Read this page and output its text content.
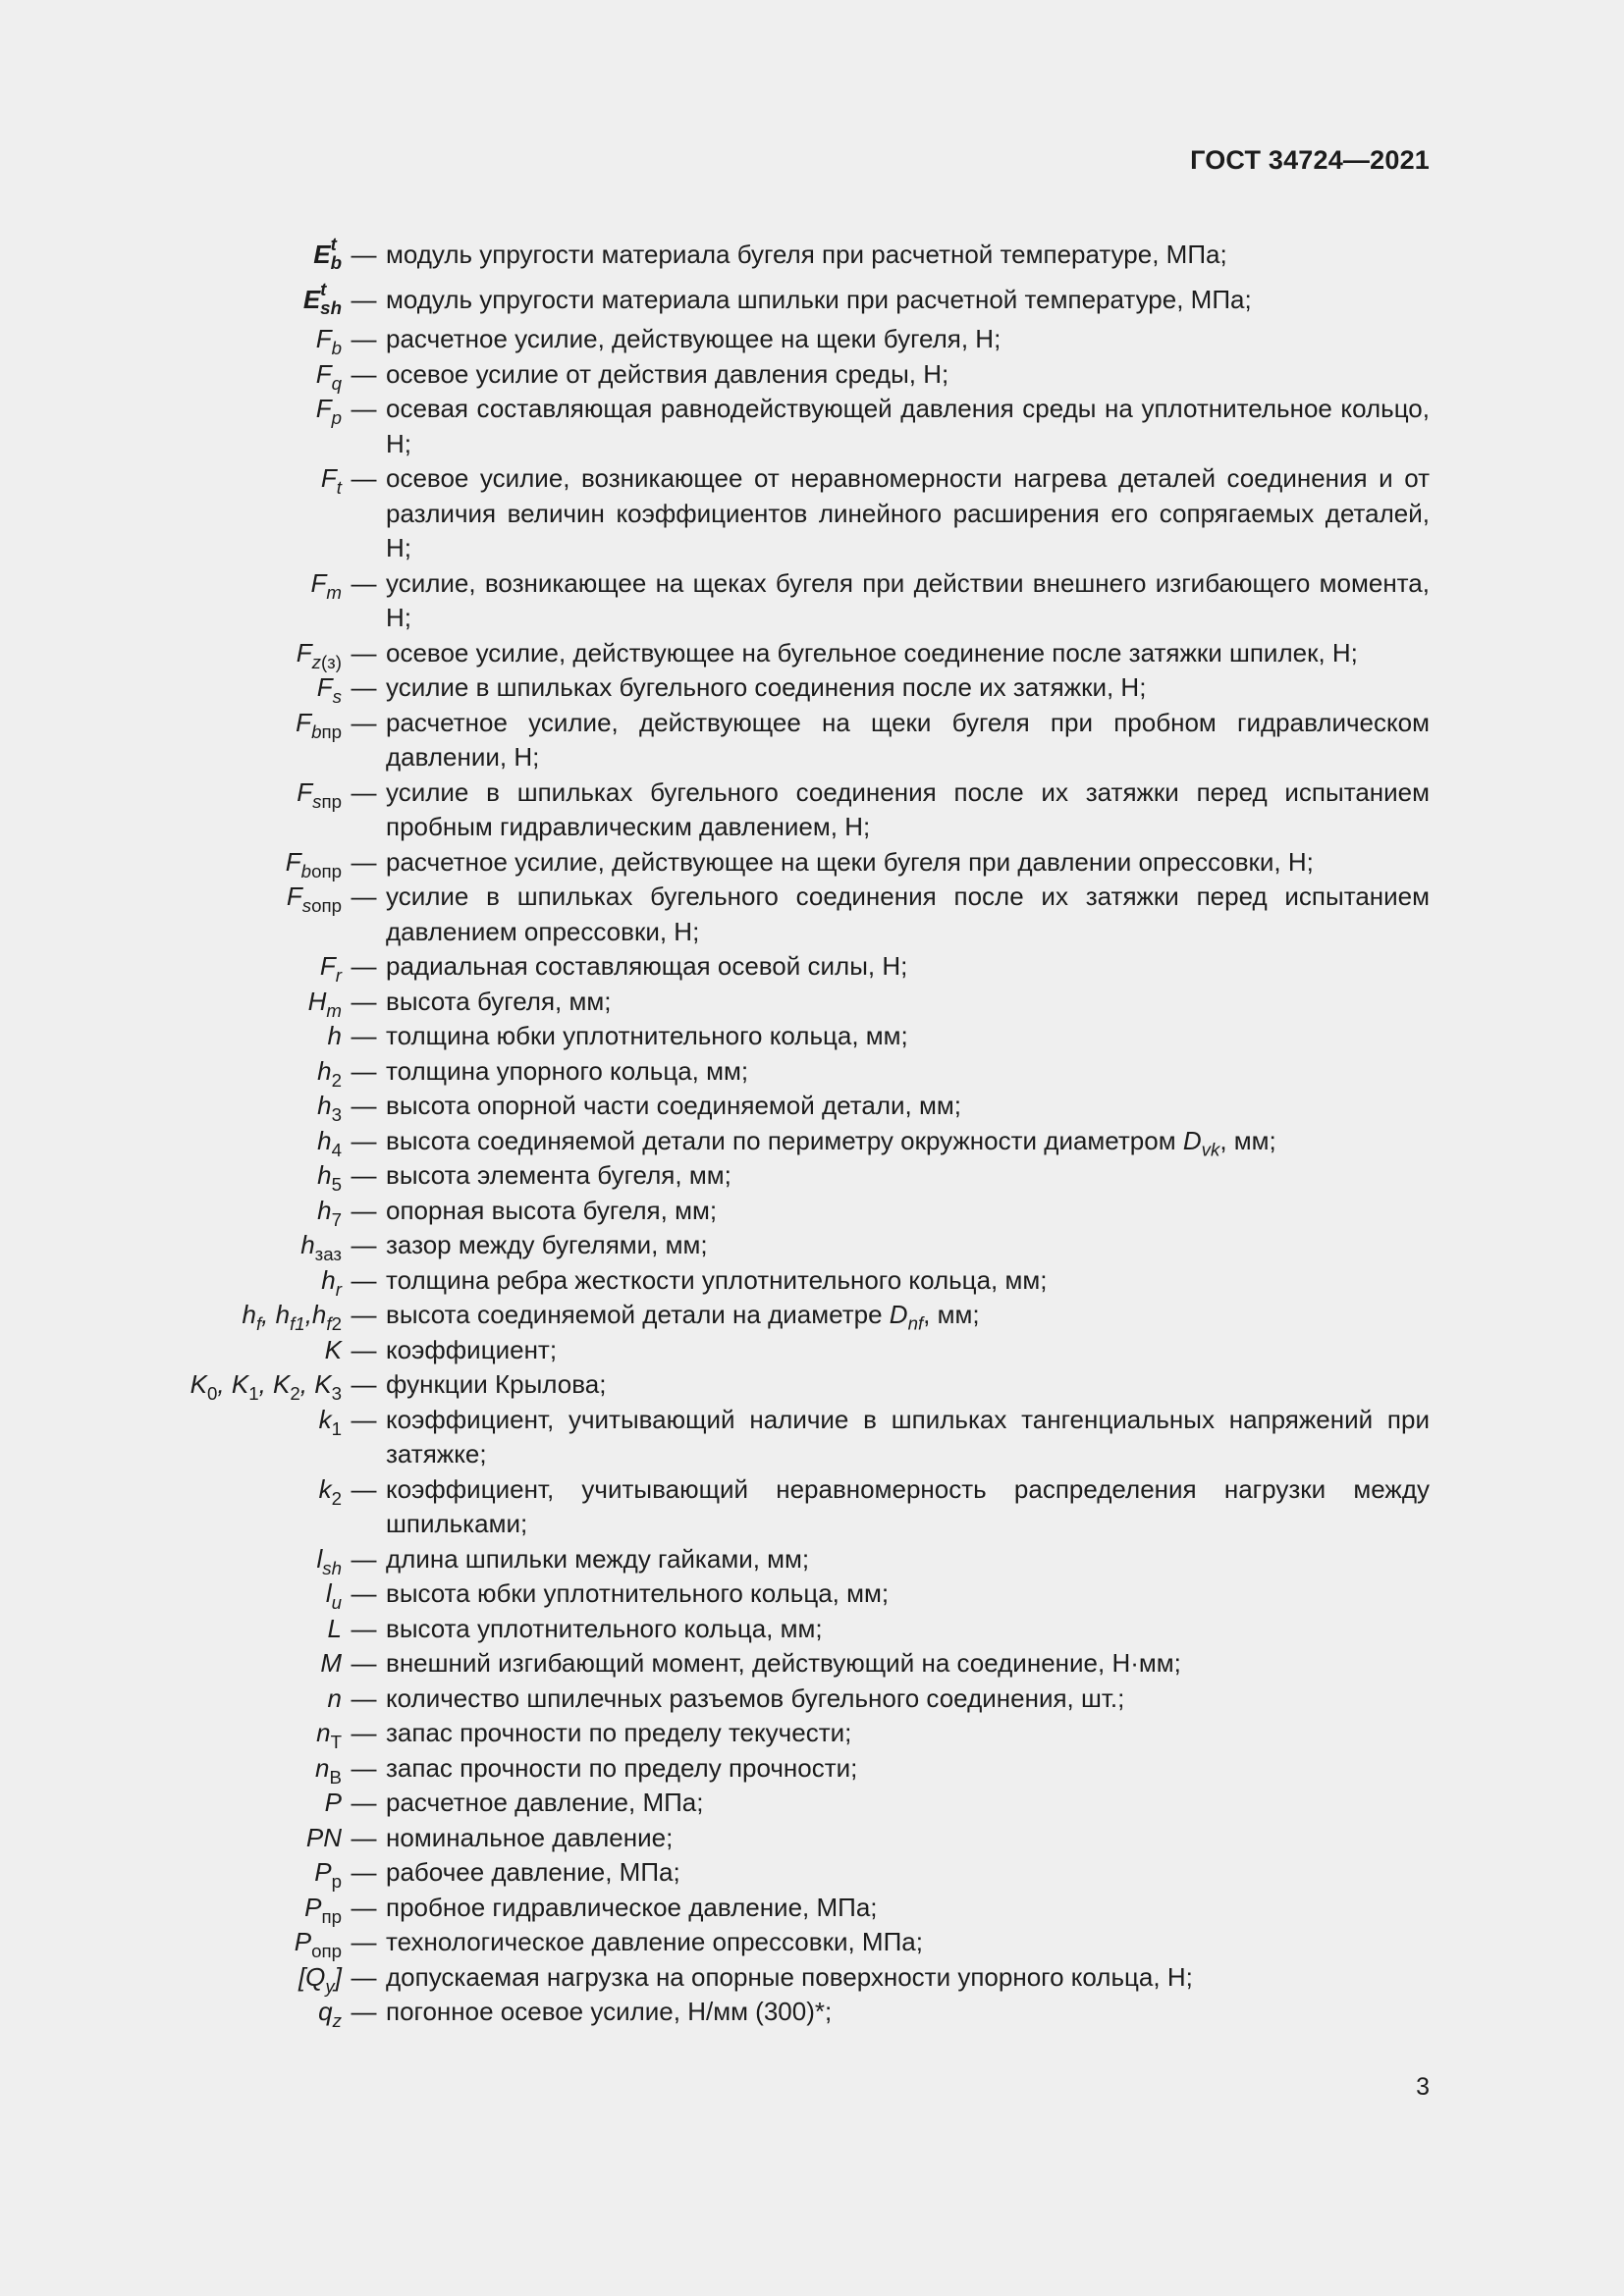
ГОСТ 34724—2021
E t
b — модуль упругости материала бугеля при расчетной температуре, МПа;
E t
sh — модуль упругости материала шпильки при расчетной температуре, МПа;
$F_b$ — расчетное усилие, действующее на щеки бугеля, Н;
$F_q$ — осевое усилие от действия давления среды, Н;
$F_p$ — осевая составляющая равнодействующей давления среды на уплотнительное кольцо, Н;
$F_t$ — осевое усилие, возникающее от неравномерности нагрева деталей соединения и от различия величин коэффициентов линейного расширения его сопрягаемых деталей, Н;
$F_m$ — усилие, возникающее на щеках бугеля при действии внешнего изгибающего момента, Н;
$F_{z(з)}$ — осевое усилие, действующее на бугельное соединение после затяжки шпилек, Н;
$F_s$ — усилие в шпильках бугельного соединения после их затяжки, Н;
$F_{bпр}$ — расчетное усилие, действующее на щеки бугеля при пробном гидравлическом давлении, Н;
$F_{sпр}$ — усилие в шпильках бугельного соединения после их затяжки перед испытанием пробным гидравлическим давлением, Н;
$F_{bопр}$ — расчетное усилие, действующее на щеки бугеля при давлении опрессовки, Н;
$F_{sопр}$ — усилие в шпильках бугельного соединения после их затяжки перед испытанием давлением опрессовки, Н;
$F_r$ — радиальная составляющая осевой силы, Н;
$H_m$ — высота бугеля, мм;
h — толщина юбки уплотнительного кольца, мм;
$h_2$ — толщина упорного кольца, мм;
$h_3$ — высота опорной части соединяемой детали, мм;
$h_4$ — высота соединяемой детали по периметру окружности диаметром $D_{vk}$, мм;
$h_5$ — высота элемента бугеля, мм;
$h_7$ — опорная высота бугеля, мм;
$h_{заз}$ — зазор между бугелями, мм;
$h_r$ — толщина ребра жесткости уплотнительного кольца, мм;
$h_f$, $h_{f1},h_{f2}$ — высота соединяемой детали на диаметре $D_{nf}$, мм;
K — коэффициент;
$K_0$, $K_1$, $K_2$, $K_3$ — функции Крылова;
$k_1$ — коэффициент, учитывающий наличие в шпильках тангенциальных напряжений при затяжке;
$k_2$ — коэффициент, учитывающий неравномерность распределения нагрузки между шпильками;
$l_{sh}$ — длина шпильки между гайками, мм;
$l_u$ — высота юбки уплотнительного кольца, мм;
L — высота уплотнительного кольца, мм;
M — внешний изгибающий момент, действующий на соединение, Н·мм;
n — количество шпилечных разъемов бугельного соединения, шт.;
$n_Т$ — запас прочности по пределу текучести;
$n_В$ — запас прочности по пределу прочности;
P — расчетное давление, МПа;
PN — номинальное давление;
$P_р$ — рабочее давление, МПа;
$P_{пр}$ — пробное гидравлическое давление, МПа;
$P_{опр}$ — технологическое давление опрессовки, МПа;
$[Q_y]$ — допускаемая нагрузка на опорные поверхности упорного кольца, Н;
$q_z$ — погонное осевое усилие, Н/мм (300)*;
3
